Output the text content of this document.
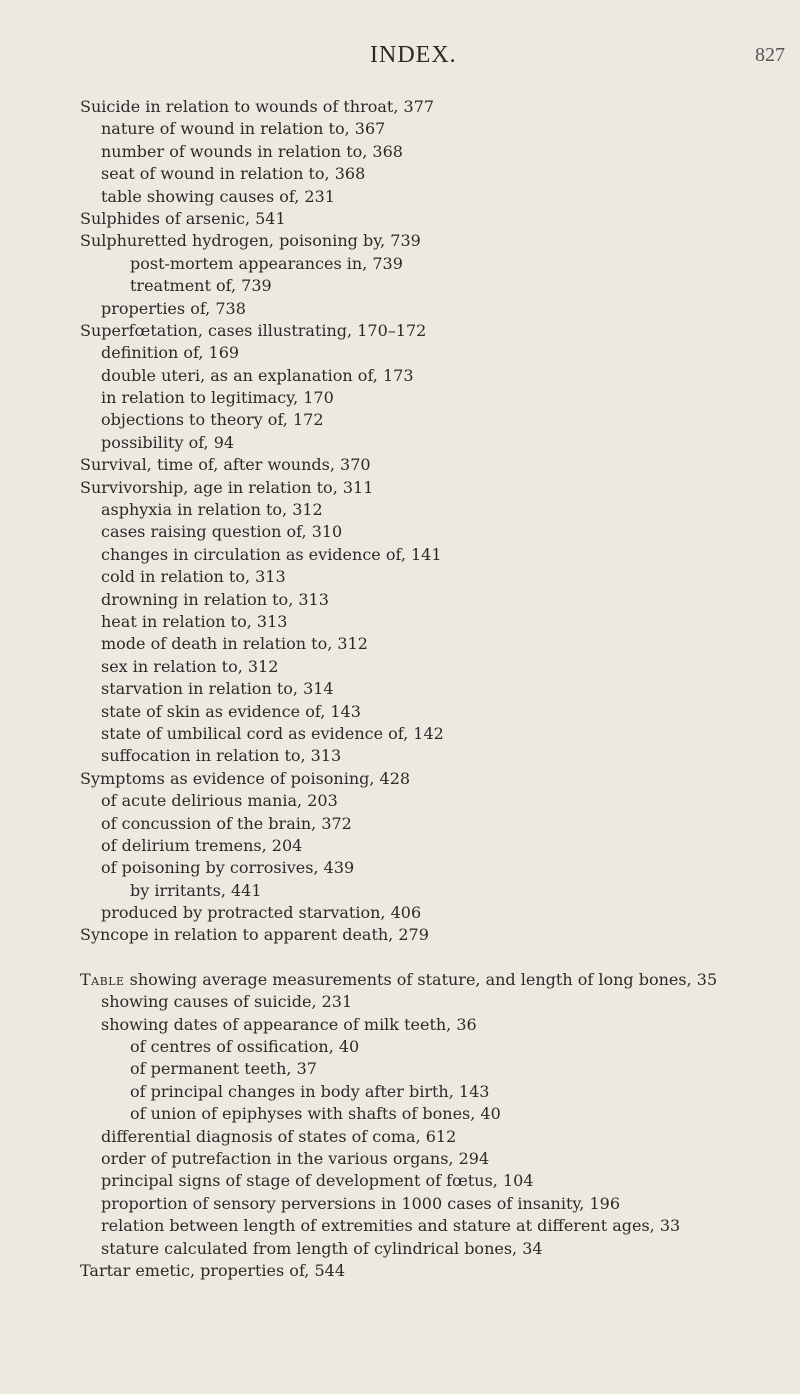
INDEX.	827
Suicide in relation to wounds of throat, 377
nature of wound in relation to, 367
number of wounds in relation to, 368
seat of wound in relation to, 368
table showing causes of, 231
Sulphides of arsenic, 541
Sulphuretted hydrogen, poisoning by, 739
post-mortem appearances in, 739
treatment of, 739
properties of, 738
Superfœtation, cases illustrating, 170–172
definition of, 169
double uteri, as an explanation of, 173
in relation to legitimacy, 170
objections to theory of, 172
possibility of, 94
Survival, time of, after wounds, 370
Survivorship, age in relation to, 311
asphyxia in relation to, 312
cases raising question of, 310
changes in circulation as evidence of, 141
cold in relation to, 313
drowning in relation to, 313
heat in relation to, 313
mode of death in relation to, 312
sex in relation to, 312
starvation in relation to, 314
state of skin as evidence of, 143
state of umbilical cord as evidence of, 142
suffocation in relation to, 313
Symptoms as evidence of poisoning, 428
of acute delirious mania, 203
of concussion of the brain, 372
of delirium tremens, 204
of poisoning by corrosives, 439
by irritants, 441
produced by protracted starvation, 406
Syncope in relation to apparent death, 279
Table showing average measurements of stature, and length of long bones, 35
showing causes of suicide, 231
showing dates of appearance of milk teeth, 36
of centres of ossification, 40
of permanent teeth, 37
of principal changes in body after birth, 143
of union of epiphyses with shafts of bones, 40
differential diagnosis of states of coma, 612
order of putrefaction in the various organs, 294
principal signs of stage of development of fœtus, 104
proportion of sensory perversions in 1000 cases of insanity, 196
relation between length of extremities and stature at different ages, 33
stature calculated from length of cylindrical bones, 34
Tartar emetic, properties of, 544
